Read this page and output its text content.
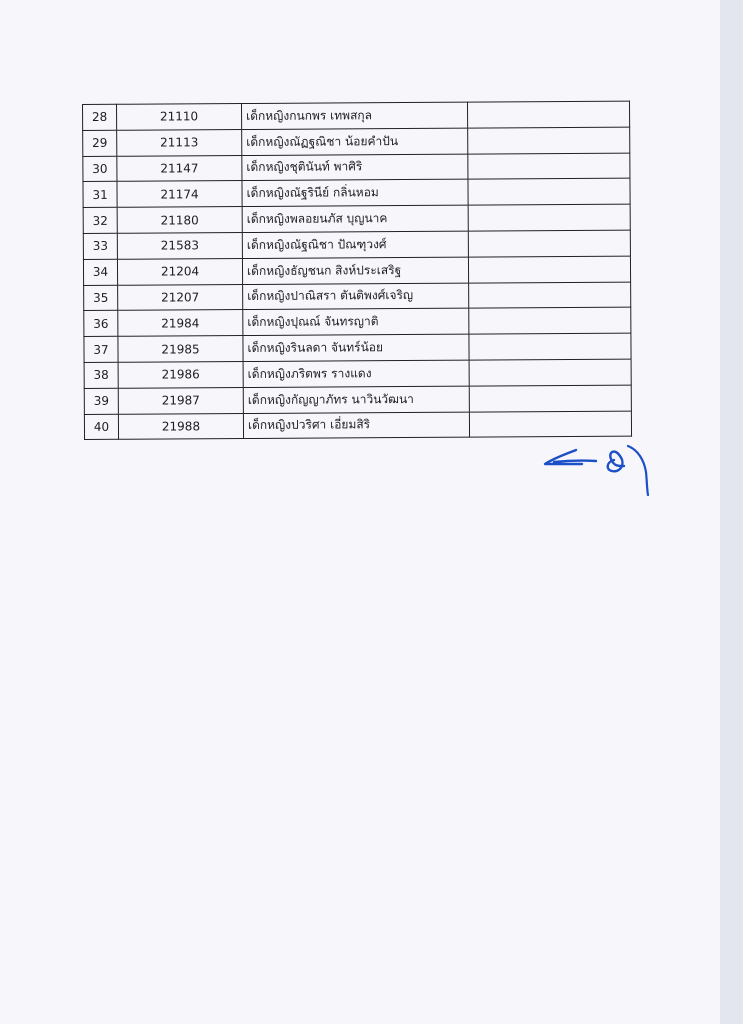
28	21110	เด็กหญิงกนกพร เทพสกุล	
29	21113	เด็กหญิงณัฏฐณิชา น้อยคำปัน	
30	21147	เด็กหญิงชุตินันท์ พาศิริ	
31	21174	เด็กหญิงณัฐรินีย์ กลิ่นหอม	
32	21180	เด็กหญิงพลอยนภัส บุญนาค	
33	21583	เด็กหญิงณัฐณิชา ปัณฑุวงศ์	
34	21204	เด็กหญิงธัญชนก สิงห์ประเสริฐ	
35	21207	เด็กหญิงปาณิสรา ตันติพงศ์เจริญ	
36	21984	เด็กหญิงปุณณ์ จันทรญาติ	
37	21985	เด็กหญิงรินลดา จันทร์น้อย	
38	21986	เด็กหญิงภริตพร รางแดง	
39	21987	เด็กหญิงกัญญาภัทร นาวินวัฒนา	
40	21988	เด็กหญิงปวริศา เอี่ยมสิริ	
